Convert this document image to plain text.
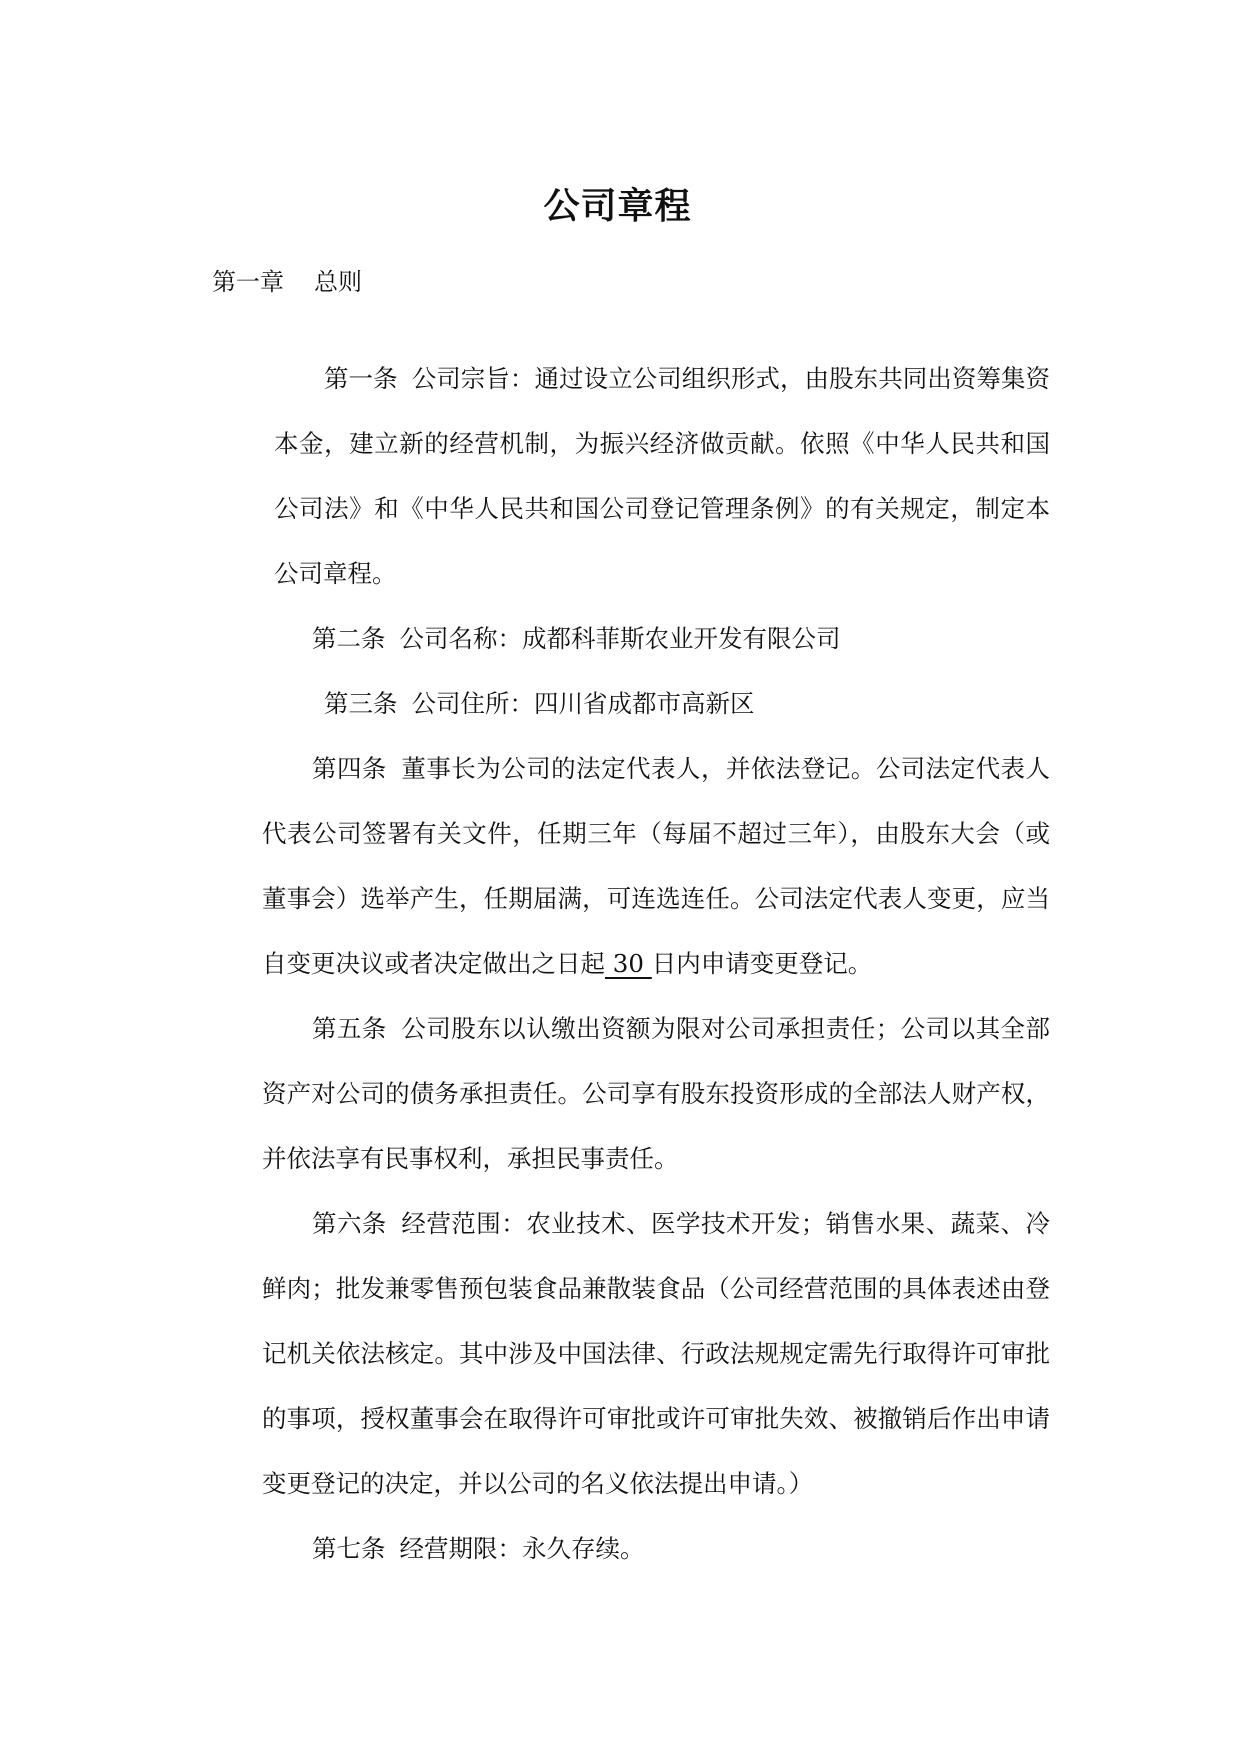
公司章程
第一章 总则
第一条 公司宗旨：通过设立公司组织形式，由股东共同出资筹集资本金，建立新的经营机制，为振兴经济做贡献。依照《中华人民共和国公司法》和《中华人民共和国公司登记管理条例》的有关规定，制定本公司章程。
第二条 公司名称：成都科菲斯农业开发有限公司
第三条 公司住所：四川省成都市高新区
第四条 董事长为公司的法定代表人，并依法登记。公司法定代表人代表公司签署有关文件，任期三年（每届不超过三年），由股东大会（或董事会）选举产生，任期届满，可连选连任。公司法定代表人变更，应当自变更决议或者决定做出之日起 30 日内申请变更登记。
第五条 公司股东以认缴出资额为限对公司承担责任；公司以其全部资产对公司的债务承担责任。公司享有股东投资形成的全部法人财产权，并依法享有民事权利，承担民事责任。
第六条 经营范围：农业技术、医学技术开发；销售水果、蔬菜、冷鲜肉；批发兼零售预包装食品兼散装食品（公司经营范围的具体表述由登记机关依法核定。其中涉及中国法律、行政法规规定需先行取得许可审批的事项，授权董事会在取得许可审批或许可审批失效、被撤销后作出申请变更登记的决定，并以公司的名义依法提出申请。）
第七条 经营期限：永久存续。
